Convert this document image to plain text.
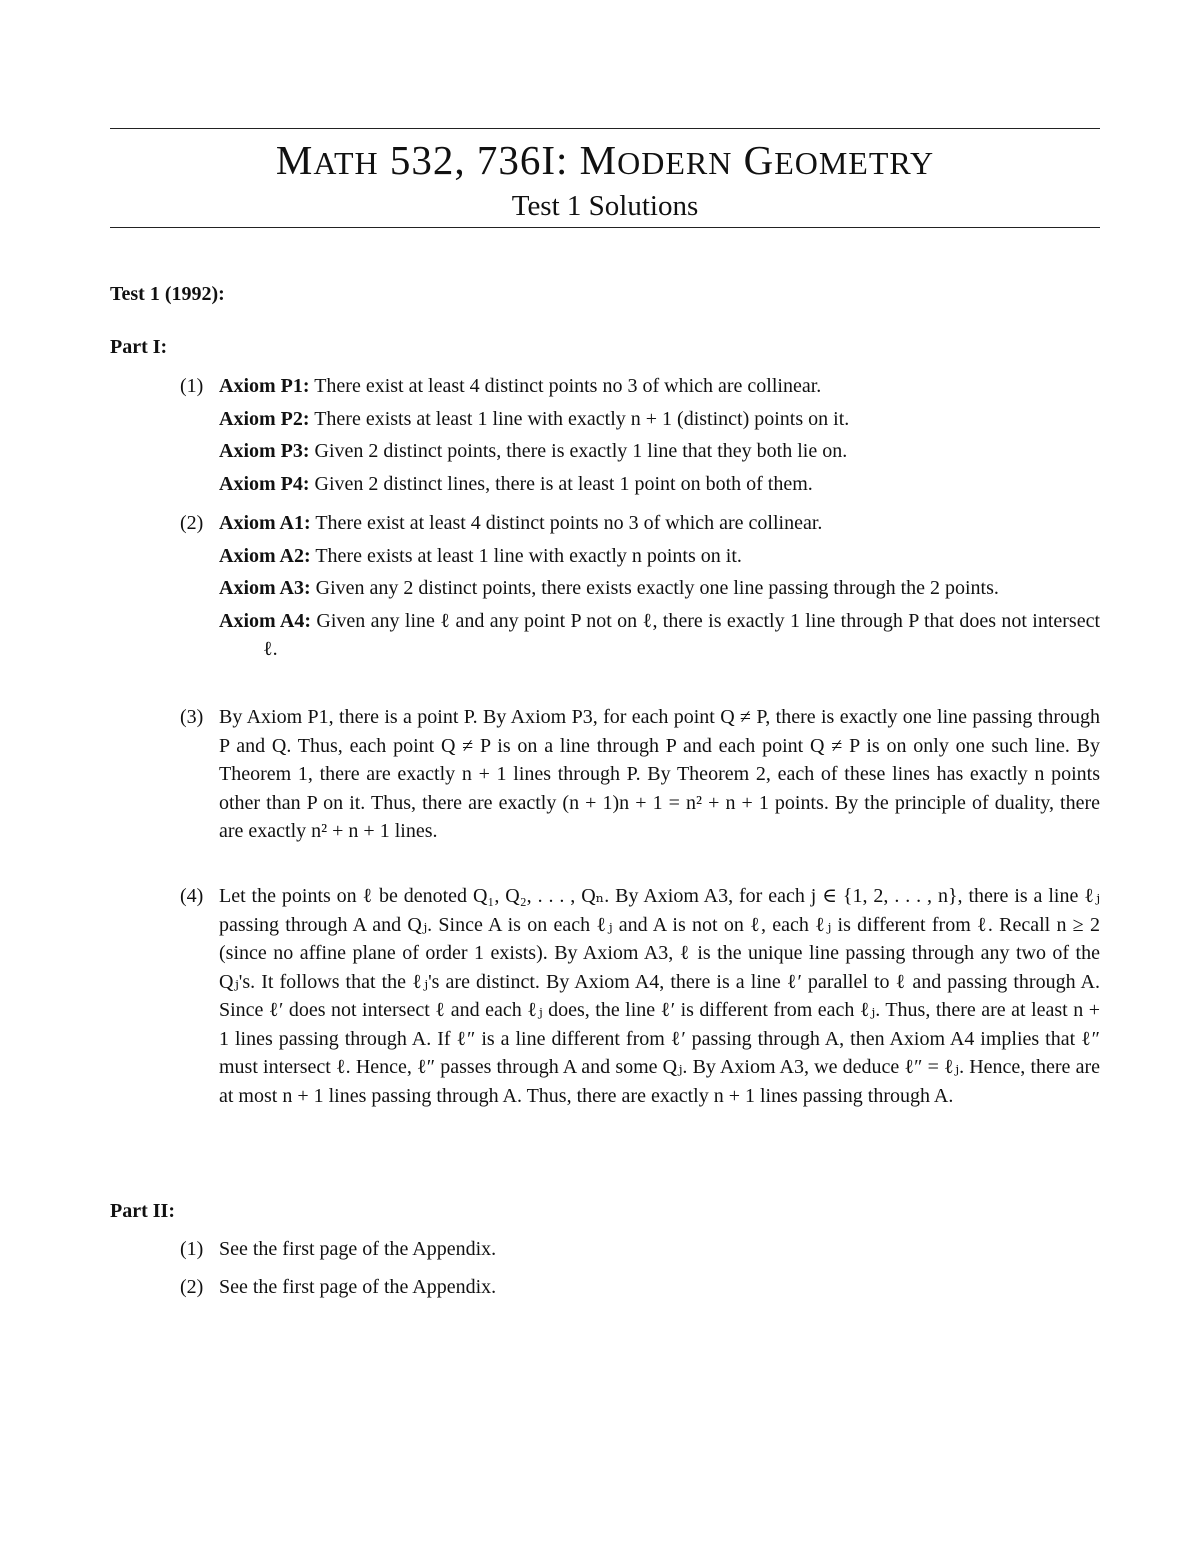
MATH 532, 736I: MODERN GEOMETRY
Test 1 Solutions
Test 1 (1992):
Part I:
(1) Axiom P1: There exist at least 4 distinct points no 3 of which are collinear.
Axiom P2: There exists at least 1 line with exactly n + 1 (distinct) points on it.
Axiom P3: Given 2 distinct points, there is exactly 1 line that they both lie on.
Axiom P4: Given 2 distinct lines, there is at least 1 point on both of them.
(2) Axiom A1: There exist at least 4 distinct points no 3 of which are collinear.
Axiom A2: There exists at least 1 line with exactly n points on it.
Axiom A3: Given any 2 distinct points, there exists exactly one line passing through the 2 points.
Axiom A4: Given any line ℓ and any point P not on ℓ, there is exactly 1 line through P that does not intersect ℓ.
(3) By Axiom P1, there is a point P. By Axiom P3, for each point Q ≠ P, there is exactly one line passing through P and Q. Thus, each point Q ≠ P is on a line through P and each point Q ≠ P is on only one such line. By Theorem 1, there are exactly n + 1 lines through P. By Theorem 2, each of these lines has exactly n points other than P on it. Thus, there are exactly (n + 1)n + 1 = n² + n + 1 points. By the principle of duality, there are exactly n² + n + 1 lines.
(4) Let the points on ℓ be denoted Q₁, Q₂, . . . , Qₙ. By Axiom A3, for each j ∈ {1, 2, . . . , n}, there is a line ℓⱼ passing through A and Qⱼ. Since A is on each ℓⱼ and A is not on ℓ, each ℓⱼ is different from ℓ. Recall n ≥ 2 (since no affine plane of order 1 exists). By Axiom A3, ℓ is the unique line passing through any two of the Qⱼ's. It follows that the ℓⱼ's are distinct. By Axiom A4, there is a line ℓ′ parallel to ℓ and passing through A. Since ℓ′ does not intersect ℓ and each ℓⱼ does, the line ℓ′ is different from each ℓⱼ. Thus, there are at least n + 1 lines passing through A. If ℓ″ is a line different from ℓ′ passing through A, then Axiom A4 implies that ℓ″ must intersect ℓ. Hence, ℓ″ passes through A and some Qⱼ. By Axiom A3, we deduce ℓ″ = ℓⱼ. Hence, there are at most n + 1 lines passing through A. Thus, there are exactly n + 1 lines passing through A.
Part II:
(1) See the first page of the Appendix.
(2) See the first page of the Appendix.
